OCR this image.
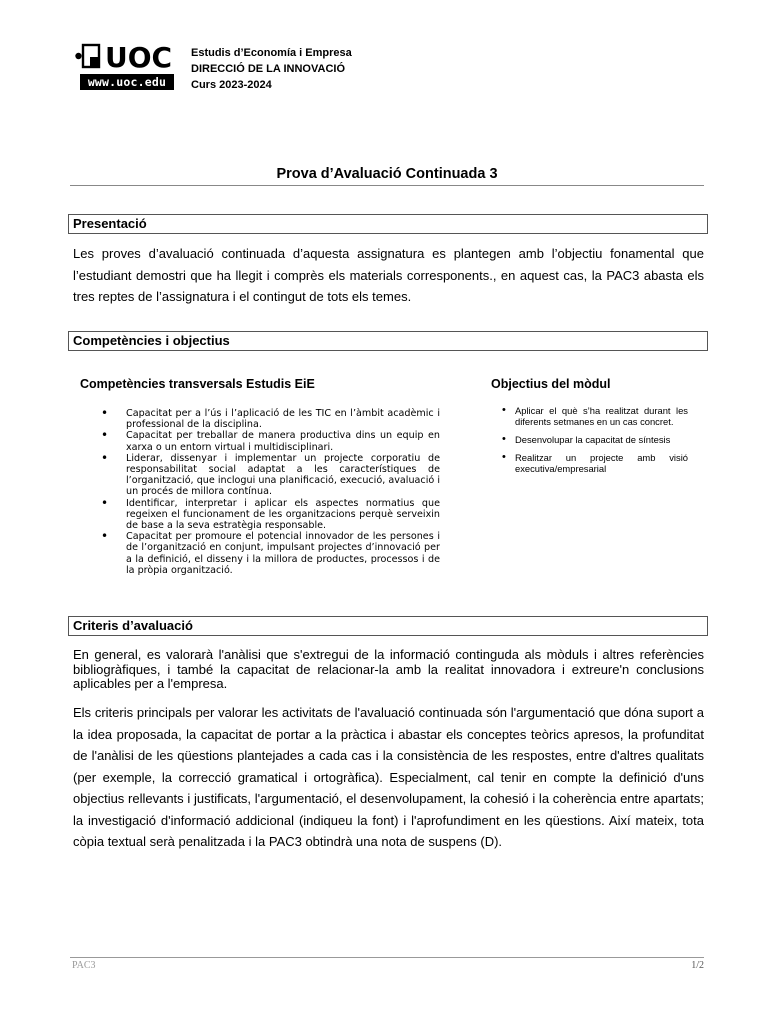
UOC
www.uoc.edu
Estudis d’Economía i Empresa
DIRECCIÓ DE LA INNOVACIÓ
Curs 2023-2024
Prova d’Avaluació Continuada 3
Presentació

Les proves d’avaluació continuada d’aquesta assignatura es plantegen amb l’objectiu fonamental que l’estudiant demostri que ha llegit i comprès els materials corresponents., en aquest cas, la PAC3 abasta els tres reptes de l’assignatura i el contingut de tots els temes.

Competències i objectius
Competències transversals Estudis EiE
• Capacitat per a l’ús i l’aplicació de les TIC en l’àmbit acadèmic i professional de la disciplina.
• Capacitat per treballar de manera productiva dins un equip en xarxa o un entorn virtual i multidisciplinari.
• Liderar, dissenyar i implementar un projecte corporatiu de responsabilitat social adaptat a les característiques de l’organització, que inclogui una planificació, execució, avaluació i un procés de millora contínua.
• Identificar, interpretar i aplicar els aspectes normatius que regeixen el funcionament de les organitzacions perquè serveixin de base a la seva estratègia responsable.
• Capacitat per promoure el potencial innovador de les persones i de l’organització en conjunt, impulsant projectes d’innovació per a la definició, el disseny i la millora de productes, processos i de la pròpia organització.
Objectius del mòdul
• Aplicar el què s’ha realitzat durant les diferents setmanes en un cas concret.
• Desenvolupar la capacitat de síntesis
• Realitzar un projecte amb visió executiva/empresarial
Criteris d’avaluació

En general, es valorarà l'anàlisi que s'extregui de la informació continguda als mòduls i altres referències bibliogràfiques, i també la capacitat de relacionar-la amb la realitat innovadora i extreure'n conclusions aplicables per a l'empresa.

Els criteris principals per valorar les activitats de l'avaluació continuada són l'argumentació que dóna suport a la idea proposada, la capacitat de portar a la pràctica i abastar els conceptes teòrics apresos, la profunditat de l'anàlisi de les qüestions plantejades a cada cas i la consistència de les respostes, entre d'altres qualitats (per exemple, la correcció gramatical i ortogràfica). Especialment, cal tenir en compte la definició d'uns objectius rellevants i justificats, l'argumentació, el desenvolupament, la cohesió i la coherència entre apartats; la investigació d'informació addicional (indiqueu la font) i l'aprofundiment en les qüestions. Així mateix, tota còpia textual serà penalitzada i la PAC3 obtindrà una nota de suspens (D).

PAC3	1/2
